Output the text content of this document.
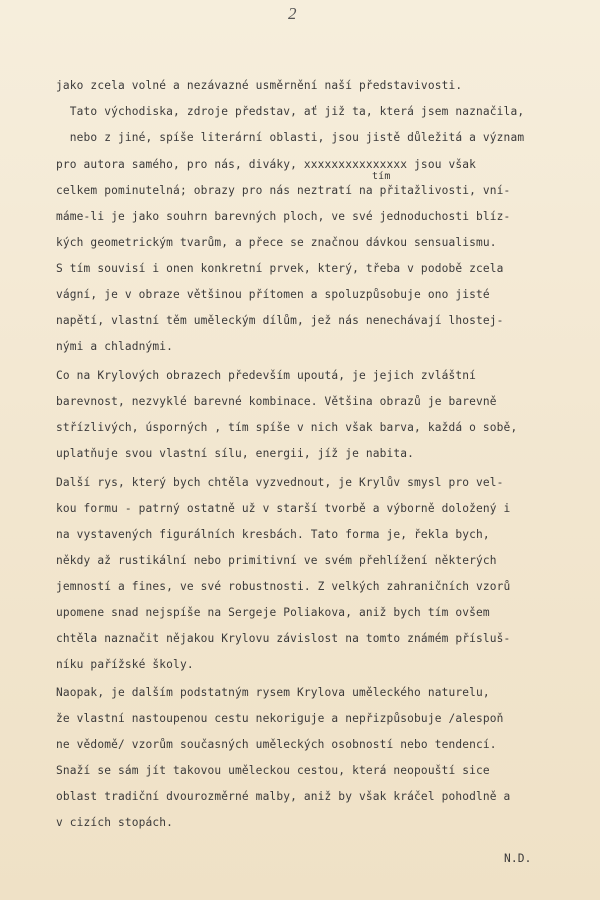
2
tím
jako zcela volné a nezávazné usměrnění naší představivosti.
Tato východiska, zdroje představ, ať již ta, která jsem naznačila,
nebo z jiné, spíše literární oblasti, jsou jistě důležitá a význam
pro autora samého, pro nás, diváky, xxxxxxxxxxxxxxx jsou však
celkem pominutelná; obrazy pro nás neztratí na přitažlivosti, vní-
máme-li je jako souhrn barevných ploch, ve své jednoduchosti blíz-
kých geometrickým tvarům, a přece se značnou dávkou sensualismu.
S tím souvisí i onen konkretní prvek, který, třeba v podobě zcela
vágní, je v obraze většinou přítomen a spoluzpůsobuje ono jisté
napětí, vlastní těm uměleckým dílům, jež nás nenechávají lhostej-
nými a chladnými.
Co na Krylových obrazech především upoutá, je jejich zvláštní
barevnost, nezvyklé barevné kombinace. Většina obrazů je barevně
střízlivých, úsporných , tím spíše v nich však barva, každá o sobě,
uplatňuje svou vlastní sílu, energii, jíž je nabita.
Další rys, který bych chtěla vyzvednout, je Krylův smysl pro vel-
kou formu - patrný ostatně už v starší tvorbě a výborně doložený i
na vystavených figurálních kresbách. Tato forma je, řekla bych,
někdy až rustikální nebo primitivní ve svém přehlížení některých
jemností a fines, ve své robustnosti. Z velkých zahraničních vzorů
upomene snad nejspíše na Sergeje Poliakova, aniž bych tím ovšem
chtěla naznačit nějakou Krylovu závislost na tomto známém přísluš-
níku pařížské školy.
Naopak, je dalším podstatným rysem Krylova uměleckého naturelu,
že vlastní nastoupenou cestu nekoriguje a nepřizpůsobuje /alespoň
ne vědomě/ vzorům současných uměleckých osobností nebo tendencí.
Snaží se sám jít takovou uměleckou cestou, která neopouští sice
oblast tradiční dvourozměrné malby, aniž by však kráčel pohodlně a
v cizích stopách.
N.D.
